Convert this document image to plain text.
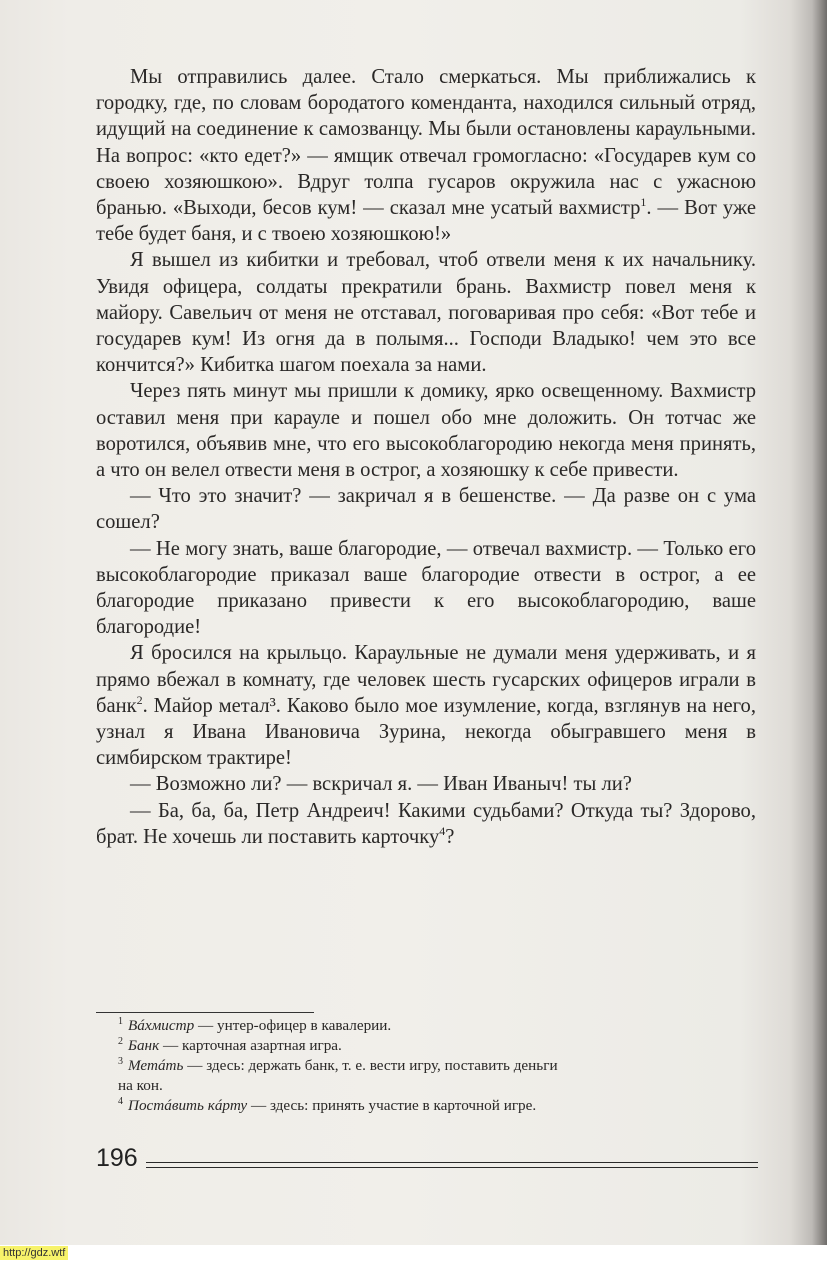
Мы отправились далее. Стало смеркаться. Мы приближались к городку, где, по словам бородатого коменданта, находился сильный отряд, идущий на соединение к самозванцу. Мы были остановлены караульными. На вопрос: «кто едет?» — ямщик отвечал громогласно: «Государев кум со своею хозяюшкою». Вдруг толпа гусаров окружила нас с ужасною бранью. «Выходи, бесов кум! — сказал мне усатый вахмистр$^1$. — Вот уже тебе будет баня, и с твоею хозяюшкою!»

Я вышел из кибитки и требовал, чтоб отвели меня к их начальнику. Увидя офицера, солдаты прекратили брань. Вахмистр повел меня к майору. Савельич от меня не отставал, поговаривая про себя: «Вот тебе и государев кум! Из огня да в полымя... Господи Владыко! чем это все кончится?» Кибитка шагом поехала за нами.

Через пять минут мы пришли к домику, ярко освещенному. Вахмистр оставил меня при карауле и пошел обо мне доложить. Он тотчас же воротился, объявив мне, что его высокоблагородию некогда меня принять, а что он велел отвести меня в острог, а хозяюшку к себе привести.

— Что это значит? — закричал я в бешенстве. — Да разве он с ума сошел?

— Не могу знать, ваше благородие, — отвечал вахмистр. — Только его высокоблагородие приказал ваше благородие отвести в острог, а ее благородие приказано привести к его высокоблагородию, ваше благородие!

Я бросился на крыльцо. Караульные не думали меня удерживать, и я прямо вбежал в комнату, где человек шесть гусарских офицеров играли в банк$^2$. Майор метал³. Каково было мое изумление, когда, взглянув на него, узнал я Ивана Ивановича Зурина, некогда обыгравшего меня в симбирском трактире!

— Возможно ли? — вскричал я. — Иван Иваныч! ты ли?

— Ба, ба, ба, Петр Андреич! Какими судьбами? Откуда ты? Здорово, брат. Не хочешь ли поставить карточку$^4$?

$^1$ Вáхмистр — унтер-офицер в кавалерии.

$^2$ Банк — карточная азартная игра.

$^3$ Метáть — здесь: держать банк, т. е. вести игру, поставить деньги

на кон.

$^4$ Постáвить кáрту — здесь: принять участие в карточной игре.

196
http://gdz.wtf
